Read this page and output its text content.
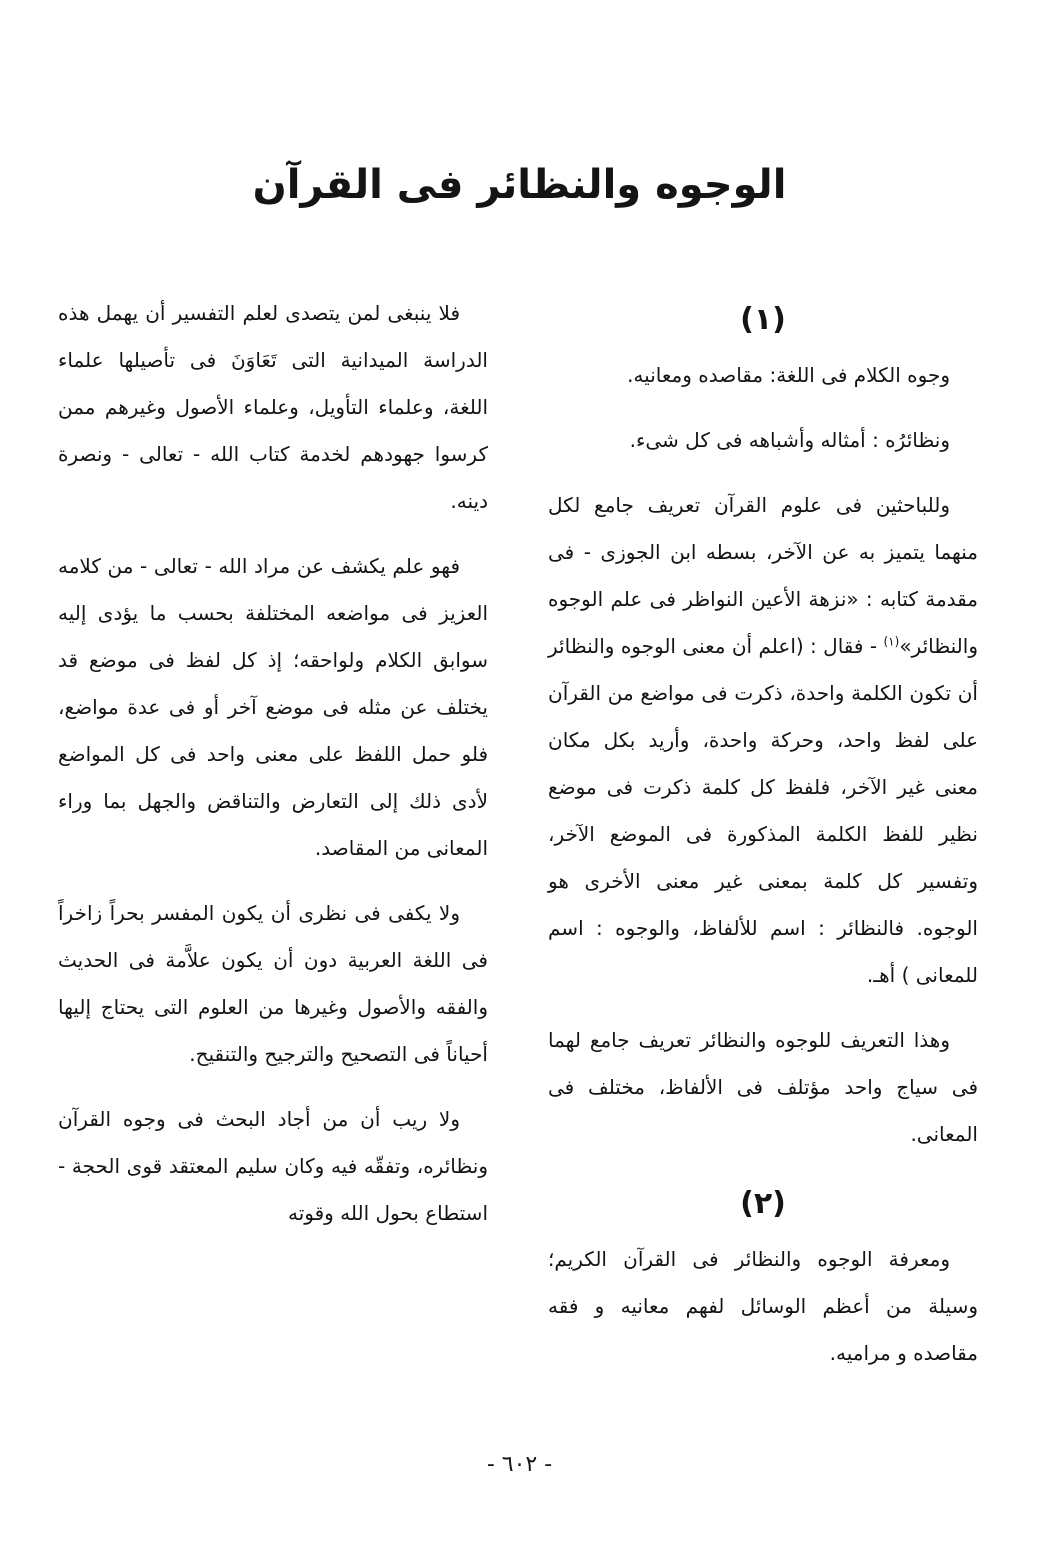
الوجوه والنظائر فى القرآن
(١)

وجوه الكلام فى اللغة: مقاصده ومعانيه.

ونظائرُه : أمثاله وأشباهه فى كل شىء.

وللباحثين فى علوم القرآن تعريف جامع لكل منهما يتميز به عن الآخر، بسطه ابن الجوزى - فى مقدمة كتابه : «نزهة الأعين النواظر فى علم الوجوه والنظائر»$^{(١)}$ - فقال : (اعلم أن معنى الوجوه والنظائر أن تكون الكلمة واحدة، ذكرت فى مواضع من القرآن على لفظ واحد، وحركة واحدة، وأريد بكل مكان معنى غير الآخر، فلفظ كل كلمة ذكرت فى موضع نظير للفظ الكلمة المذكورة فى الموضع الآخر، وتفسير كل كلمة بمعنى غير معنى الأخرى هو الوجوه. فالنظائر : اسم للألفاظ، والوجوه : اسم للمعانى ) أهـ.

وهذا التعريف للوجوه والنظائر تعريف جامع لهما فى سياج واحد مؤتلف فى الألفاظ، مختلف فى المعانى.

(٢)

ومعرفة الوجوه والنظائر فى القرآن الكريم؛ وسيلة من أعظم الوسائل لفهم معانيه و فقه مقاصده و مراميه.

فلا ينبغى لمن يتصدى لعلم التفسير أن يهمل هذه الدراسة الميدانية التى تَعَاوَنَ فى تأصيلها علماء اللغة، وعلماء التأويل، وعلماء الأصول وغيرهم ممن كرسوا جهودهم لخدمة كتاب الله - تعالى - ونصرة دينه.

فهو علم يكشف عن مراد الله - تعالى - من كلامه العزيز فى مواضعه المختلفة بحسب ما يؤدى إليه سوابق الكلام ولواحقه؛ إذ كل لفظ فى موضع قد يختلف عن مثله فى موضع آخر أو فى عدة مواضع، فلو حمل اللفظ على معنى واحد فى كل المواضع لأدى ذلك إلى التعارض والتناقض والجهل بما وراء المعانى من المقاصد.

ولا يكفى فى نظرى أن يكون المفسر بحراً زاخراً فى اللغة العربية دون أن يكون علاَّمة فى الحديث والفقه والأصول وغيرها من العلوم التى يحتاج إليها أحياناً فى التصحيح والترجيح والتنقيح.

ولا ريب أن من أجاد البحث فى وجوه القرآن ونظائره، وتفقّه فيه وكان سليم المعتقد قوى الحجة - استطاع بحول الله وقوته

- ٦٠٢ -
